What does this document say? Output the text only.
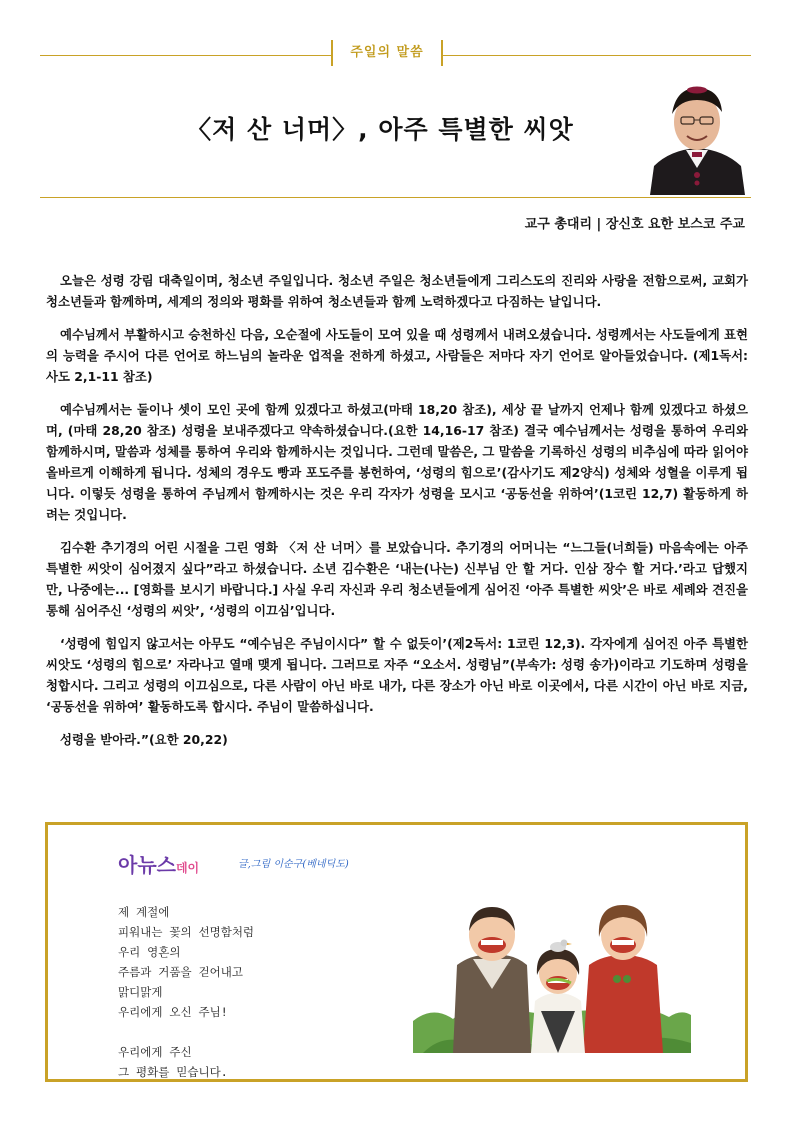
주일의 말씀
〈저 산 너머〉, 아주 특별한 씨앗
교구 총대리 | 장신호 요한 보스코 주교

오늘은 성령 강림 대축일이며, 청소년 주일입니다. 청소년 주일은 청소년들에게 그리스도의 진리와 사랑을 전함으로써, 교회가 청소년들과 함께하며, 세계의 정의와 평화를 위하여 청소년들과 함께 노력하겠다고 다짐하는 날입니다.

예수님께서 부활하시고 승천하신 다음, 오순절에 사도들이 모여 있을 때 성령께서 내려오셨습니다. 성령께서는 사도들에게 표현의 능력을 주시어 다른 언어로 하느님의 놀라운 업적을 전하게 하셨고, 사람들은 저마다 자기 언어로 알아들었습니다. (제1독서: 사도 2,1-11 참조)

예수님께서는 둘이나 셋이 모인 곳에 함께 있겠다고 하셨고(마태 18,20 참조), 세상 끝 날까지 언제나 함께 있겠다고 하셨으며, (마태 28,20 참조) 성령을 보내주겠다고 약속하셨습니다.(요한 14,16-17 참조) 결국 예수님께서는 성령을 통하여 우리와 함께하시며, 말씀과 성체를 통하여 우리와 함께하시는 것입니다. 그런데 말씀은, 그 말씀을 기록하신 성령의 비추심에 따라 읽어야 올바르게 이해하게 됩니다. 성체의 경우도 빵과 포도주를 봉헌하여, ‘성령의 힘으로’(감사기도 제2양식) 성체와 성혈을 이루게 됩니다. 이렇듯 성령을 통하여 주님께서 함께하시는 것은 우리 각자가 성령을 모시고 ‘공동선을 위하여’(1코린 12,7) 활동하게 하려는 것입니다.

김수환 추기경의 어린 시절을 그린 영화 〈저 산 너머〉를 보았습니다. 추기경의 어머니는 “느그들(너희들) 마음속에는 아주 특별한 씨앗이 심어졌지 싶다”라고 하셨습니다. 소년 김수환은 ‘내는(나는) 신부님 안 할 거다. 인삼 장수 할 거다.’라고 답했지만, 나중에는... [영화를 보시기 바랍니다.] 사실 우리 자신과 우리 청소년들에게 심어진 ‘아주 특별한 씨앗’은 바로 세례와 견진을 통해 심어주신 ‘성령의 씨앗’, ‘성령의 이끄심’입니다.

‘성령에 힘입지 않고서는 아무도 “예수님은 주님이시다” 할 수 없듯이’(제2독서: 1코린 12,3). 각자에게 심어진 아주 특별한 씨앗도 ‘성령의 힘으로’ 자라나고 열매 맺게 됩니다. 그러므로 자주 “오소서. 성령님”(부속가: 성령 송가)이라고 기도하며 성령을 청합시다. 그리고 성령의 이끄심으로, 다른 사람이 아닌 바로 내가, 다른 장소가 아닌 바로 이곳에서, 다른 시간이 아닌 바로 지금, ‘공동선을 위하여’ 활동하도록 합시다. 주님이 말씀하십니다.

성령을 받아라.”(요한 20,22)

아뉴스데이	글,그림 이순구(베네딕도)
제 계절에
피워내는 꽃의 선명함처럼
우리 영혼의
주름과 거품을 걷어내고
맑디맑게
우리에게 오신 주님!
우리에게 주신
그 평화를 믿습니다.
